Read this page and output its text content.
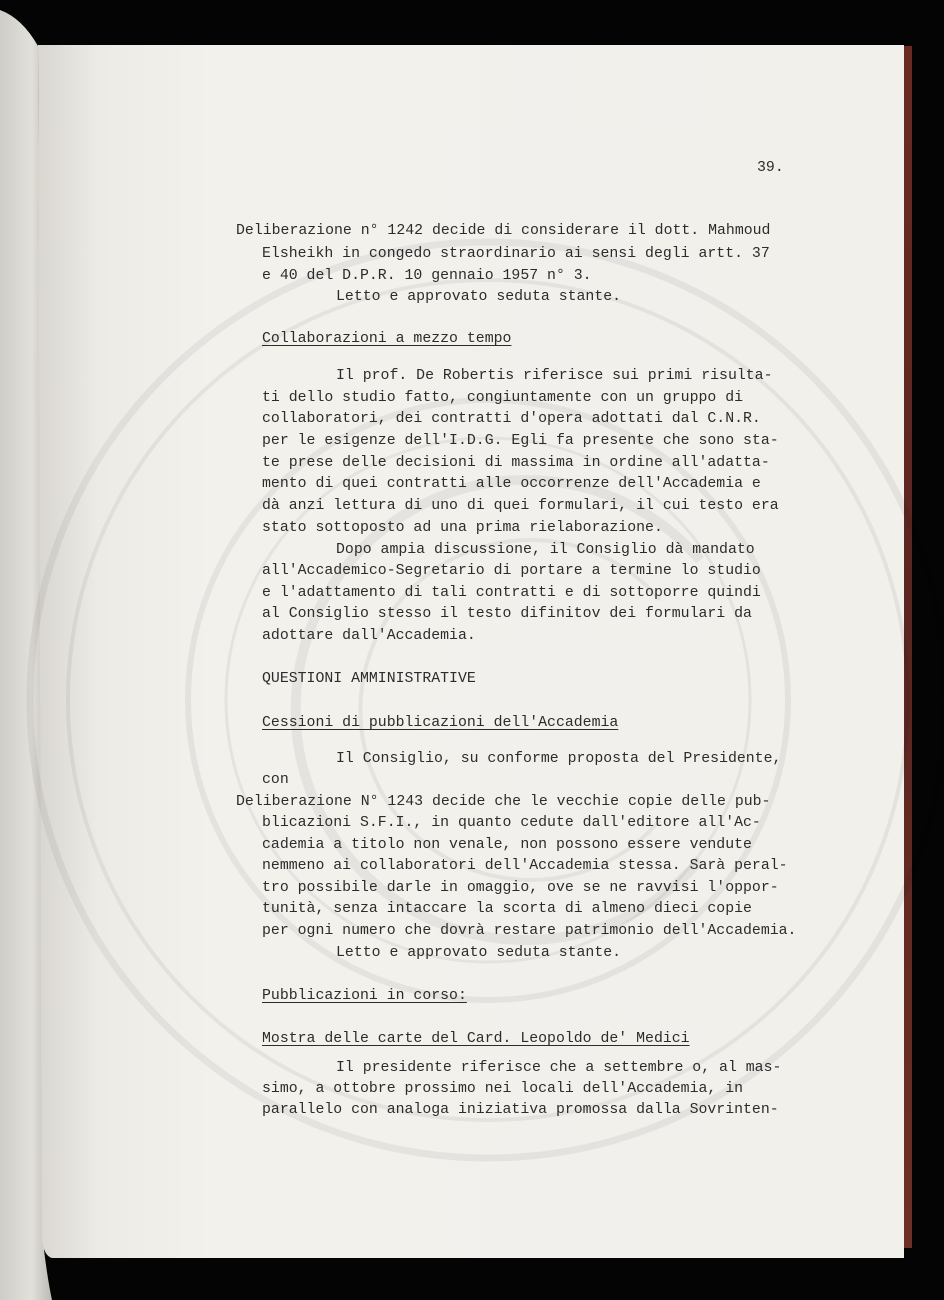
39.
Deliberazione n° 1242 decide di considerare il dott. Mahmoud
Elsheikh in congedo straordinario ai sensi degli artt. 37
e 40 del D.P.R. 10 gennaio 1957 n° 3.
Letto e approvato seduta stante.
Collaborazioni a mezzo tempo
Il prof. De Robertis riferisce sui primi risulta-
ti dello studio fatto, congiuntamente con un gruppo di
collaboratori, dei contratti d'opera adottati dal C.N.R.
per le esigenze dell'I.D.G. Egli fa presente che sono sta-
te prese delle decisioni di massima in ordine all'adatta-
mento di quei contratti alle occorrenze dell'Accademia e
dà anzi lettura di uno di quei formulari, il cui testo era
stato sottoposto ad una prima rielaborazione.
Dopo ampia discussione, il Consiglio dà mandato
all'Accademico-Segretario di portare a termine lo studio
e l'adattamento di tali contratti e di sottoporre quindi
al Consiglio stesso il testo difinitov dei formulari da
adottare dall'Accademia.
QUESTIONI AMMINISTRATIVE
Cessioni di pubblicazioni dell'Accademia
Il Consiglio, su conforme proposta del Presidente,
con
Deliberazione N° 1243 decide che le vecchie copie delle pub-
blicazioni S.F.I., in quanto cedute dall'editore all'Ac-
cademia a titolo non venale, non possono essere vendute
nemmeno ai collaboratori dell'Accademia stessa. Sarà peral-
tro possibile darle in omaggio, ove se ne ravvisi l'oppor-
tunità, senza intaccare la scorta di almeno dieci copie
per ogni numero che dovrà restare patrimonio dell'Accademia.
Letto e approvato seduta stante.
Pubblicazioni in corso:
Mostra delle carte del Card. Leopoldo de' Medici
Il presidente riferisce che a settembre o, al mas-
simo, a ottobre prossimo nei locali dell'Accademia, in
parallelo con analoga iniziativa promossa dalla Sovrinten-
